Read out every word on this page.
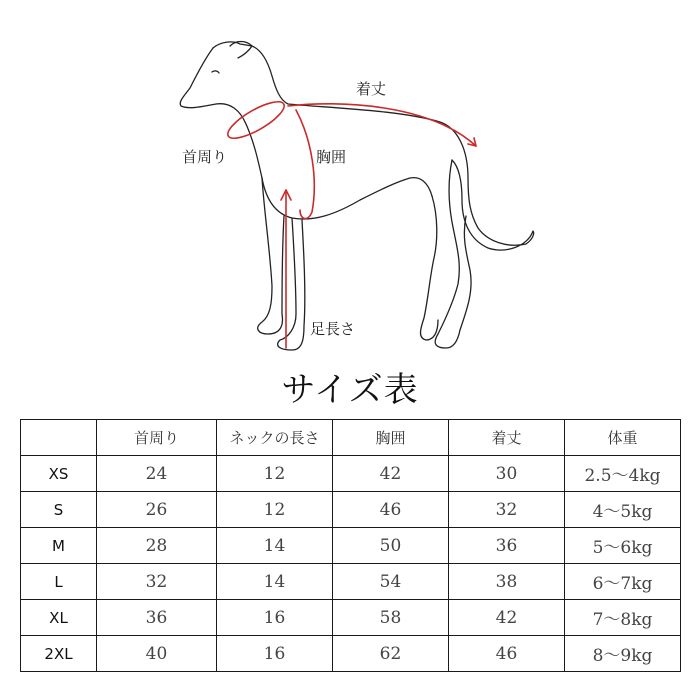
着丈
首周り	胸囲
足長さ
サイズ表
	首周り	ネックの長さ	胸囲	着丈	体重
XS	24	12	42	30	2.5～4kg
S	26	12	46	32	4～5kg
M	28	14	50	36	5～6kg
L	32	14	54	38	6～7kg
XL	36	16	58	42	7～8kg
2XL	40	16	62	46	8～9kg
